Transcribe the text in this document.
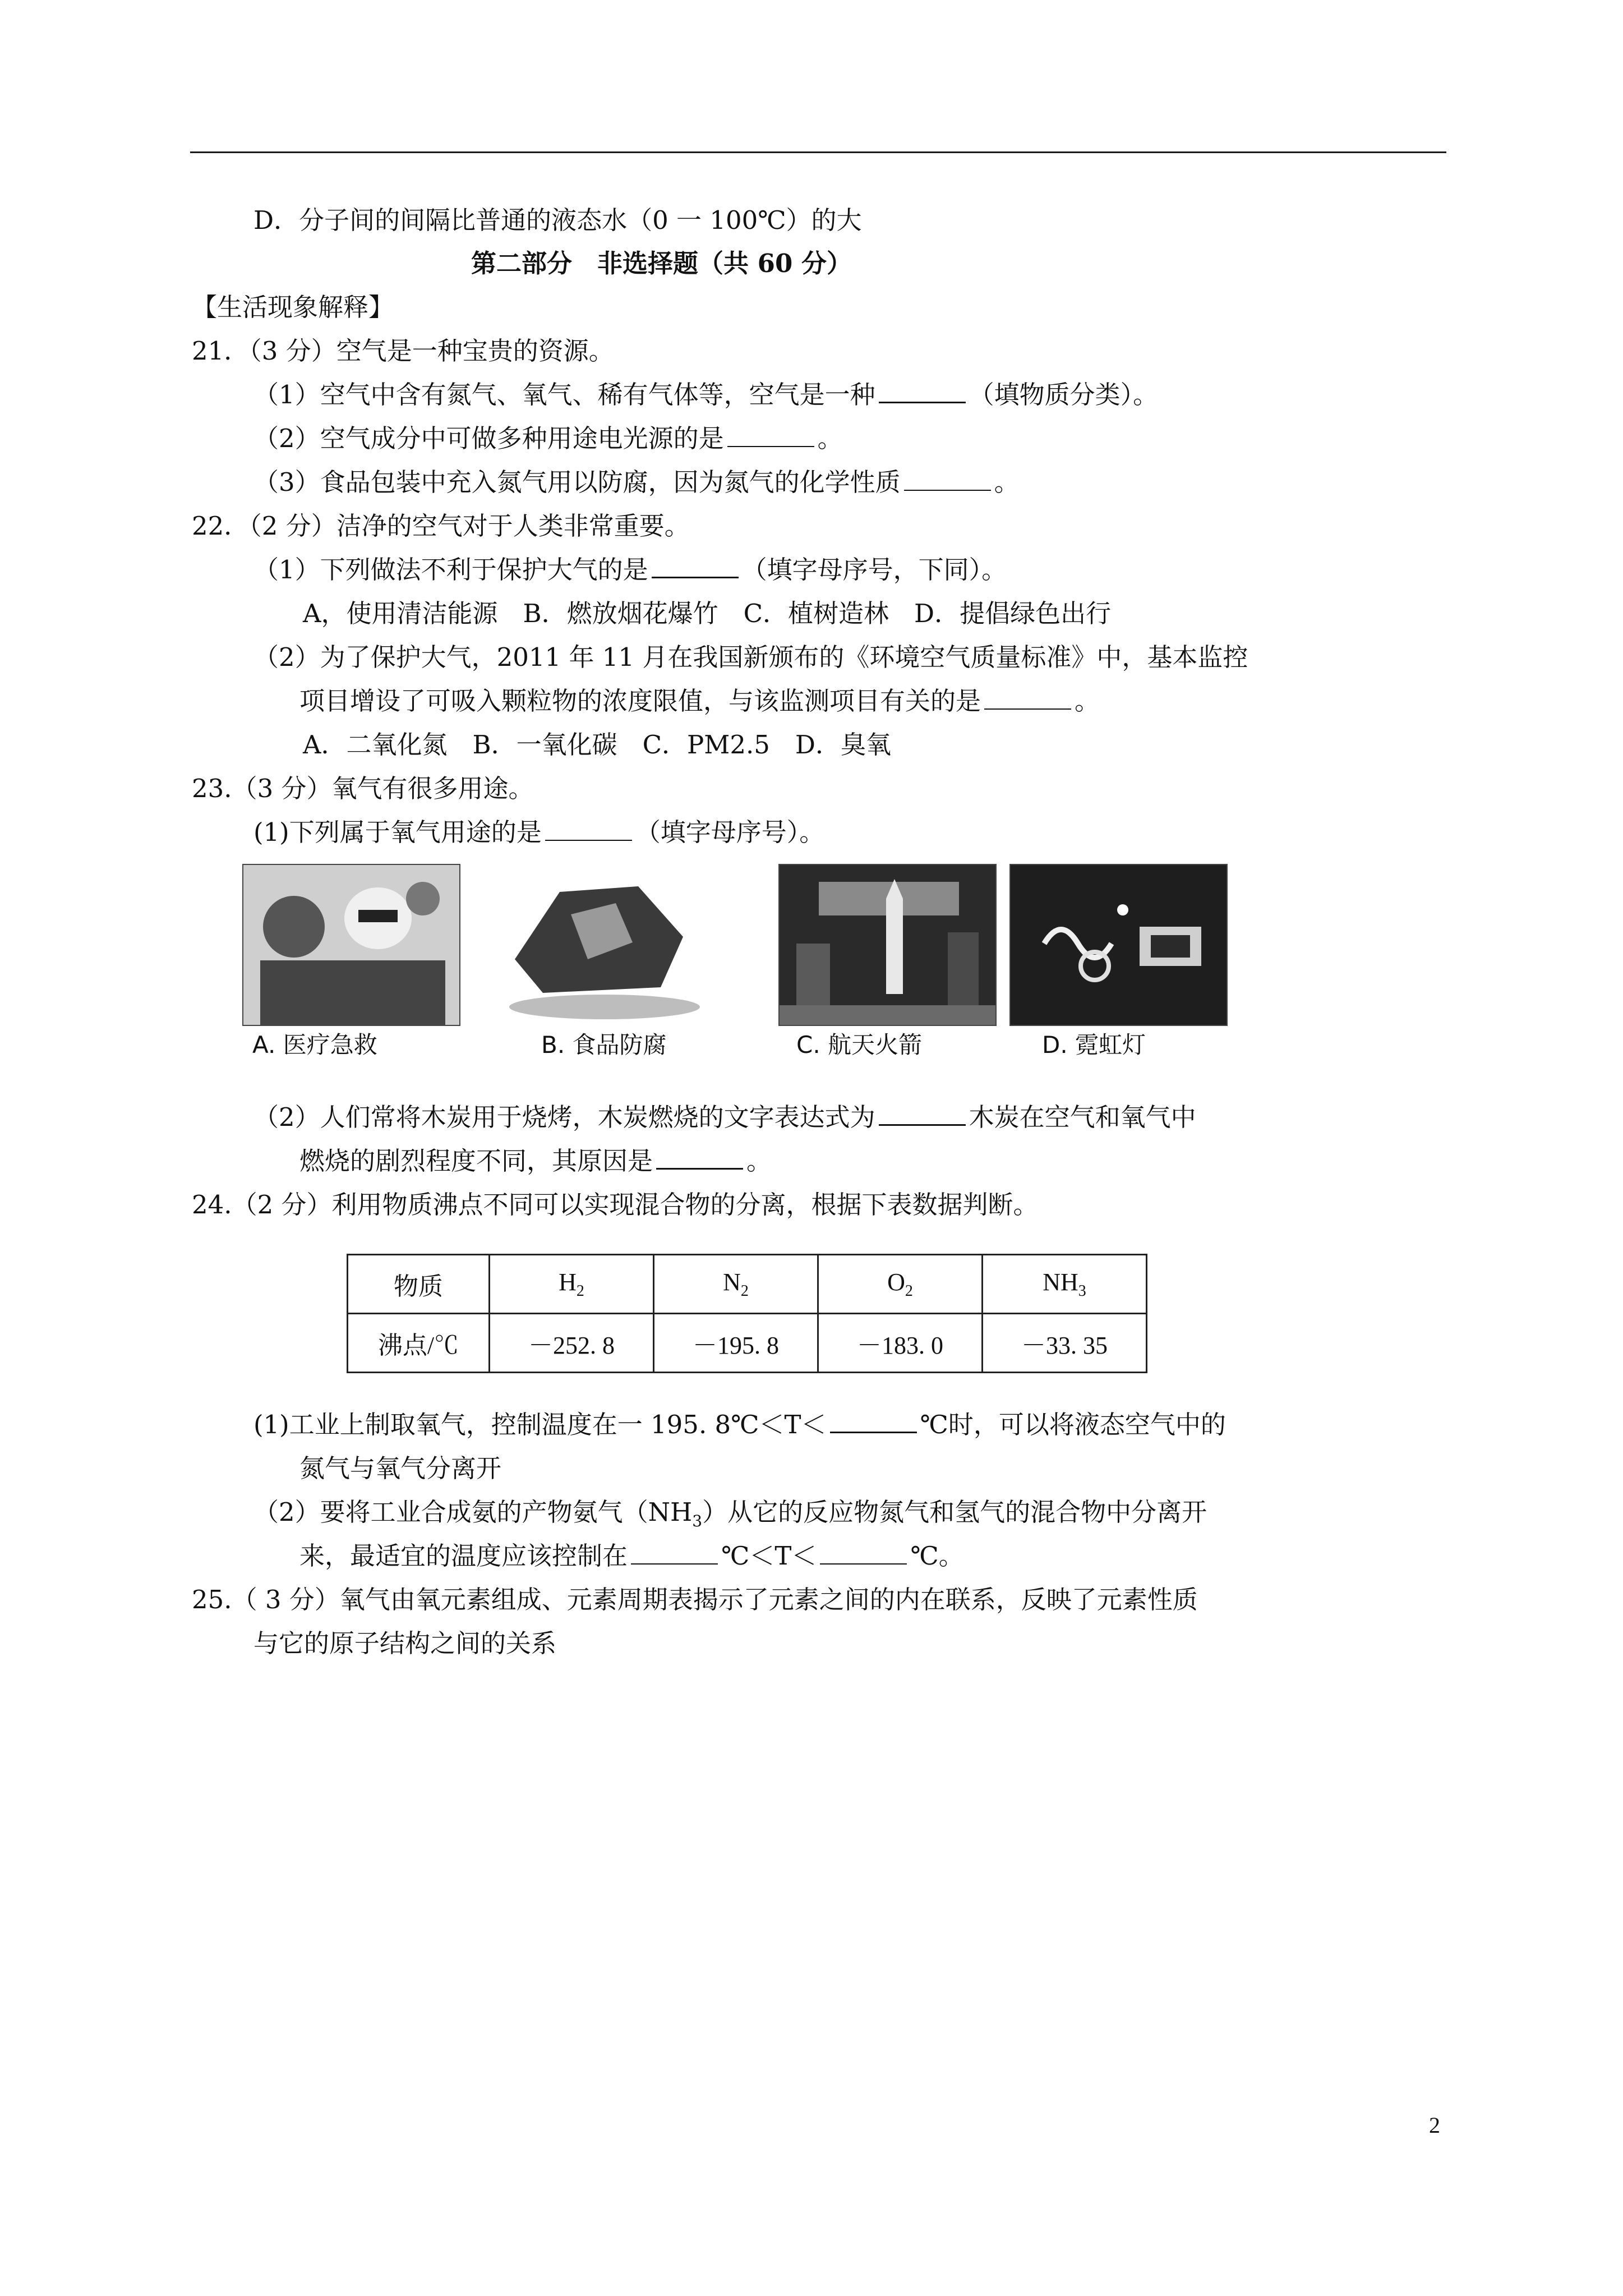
D．分子间的间隔比普通的液态水（0 一 100℃）的大
第二部分　非选择题（共 60 分）
【生活现象解释】
21．（3 分）空气是一种宝贵的资源。
（1）空气中含有氮气、氧气、稀有气体等，空气是一种	（填物质分类）。
（2）空气成分中可做多种用途电光源的是	。
（3）食品包装中充入氮气用以防腐，因为氮气的化学性质	。
22．（2 分）洁净的空气对于人类非常重要。
（1）下列做法不利于保护大气的是	（填字母序号，下同）。
A，使用清洁能源　B．燃放烟花爆竹　C．植树造林　D．提倡绿色出行
（2）为了保护大气，2011 年 11 月在我国新颁布的《环境空气质量标准》中，基本监控
项目增设了可吸入颗粒物的浓度限值，与该监测项目有关的是	。
A．二氧化氮　B．一氧化碳　C．PM2.5　D．臭氧
23.（3 分）氧气有很多用途。
(1)下列属于氧气用途的是	（填字母序号）。
A. 医疗急救	B. 食品防腐	C. 航天火箭	D. 霓虹灯
（2）人们常将木炭用于烧烤，木炭燃烧的文字表达式为	木炭在空气和氧气中
燃烧的剧烈程度不同，其原因是	。
24.（2 分）利用物质沸点不同可以实现混合物的分离，根据下表数据判断。
物质	$H_2$	$N_2$	$O_2$	$NH_3$
沸点/℃	－252. 8	－195. 8	－183. 0	－33. 35
(1)工业上制取氧气，控制温度在一 195. 8℃＜T＜	℃时，可以将液态空气中的
氮气与氧气分离开
（2）要将工业合成氨的产物氨气$(NH_3)$从它的反应物氮气和氢气的混合物中分离开
来，最适宜的温度应该控制在	℃＜T＜	℃。
25.（ 3 分）氧气由氧元素组成、元素周期表揭示了元素之间的内在联系，反映了元素性质
与它的原子结构之间的关系
2
